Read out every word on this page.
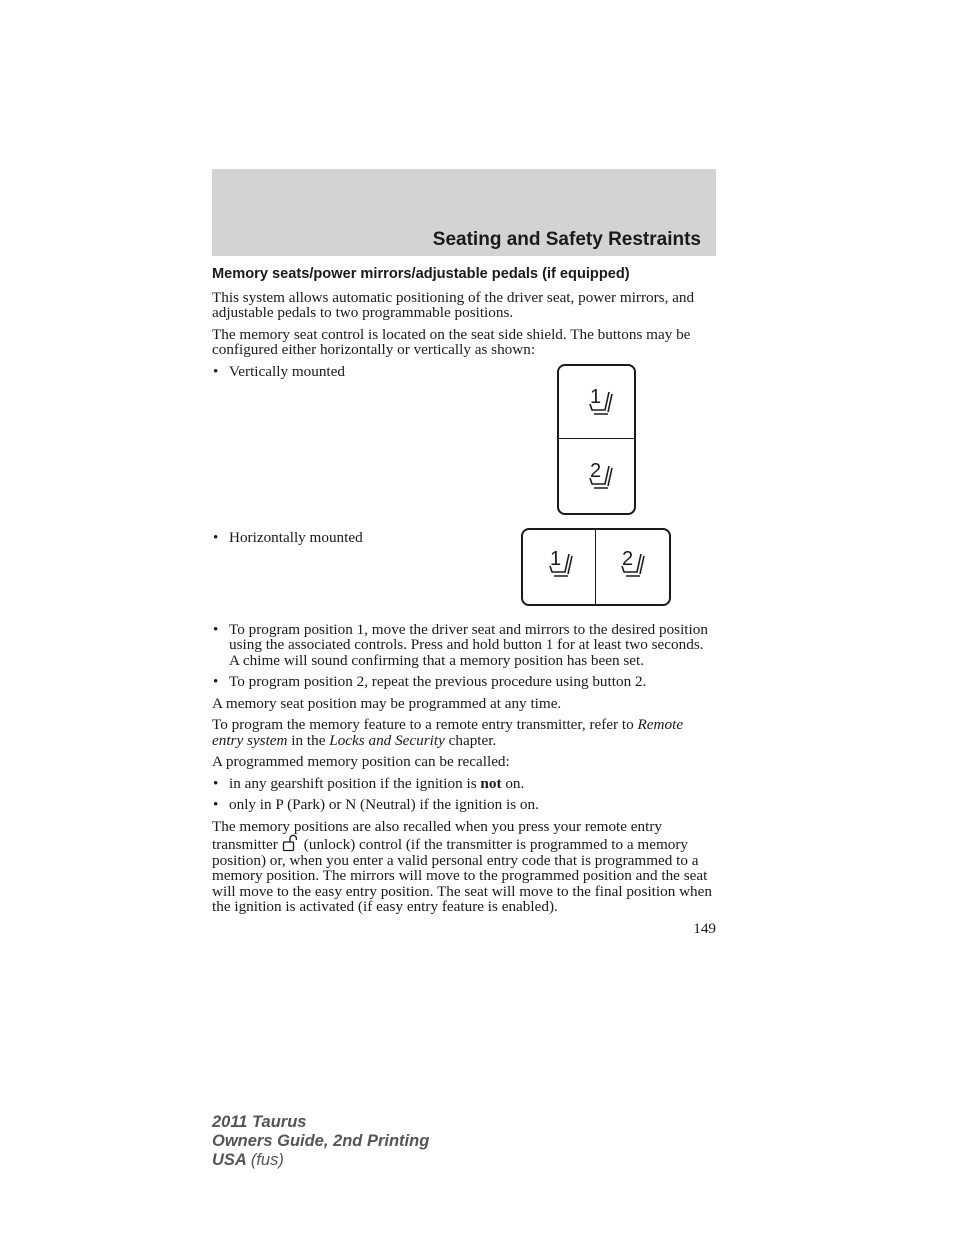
Seating and Safety Restraints
Memory seats/power mirrors/adjustable pedals (if equipped)

This system allows automatic positioning of the driver seat, power mirrors, and adjustable pedals to two programmable positions.

The memory seat control is located on the seat side shield. The buttons may be configured either horizontally or vertically as shown:

• Vertically mounted
1
2
• Horizontally mounted
1	2
• To program position 1, move the driver seat and mirrors to the desired position using the associated controls. Press and hold button 1 for at least two seconds. A chime will sound confirming that a memory position has been set.
• To program position 2, repeat the previous procedure using button 2.

A memory seat position may be programmed at any time.

To program the memory feature to a remote entry transmitter, refer to Remote entry system in the Locks and Security chapter.

A programmed memory position can be recalled:

• in any gearshift position if the ignition is not on.
• only in P (Park) or N (Neutral) if the ignition is on.

The memory positions are also recalled when you press your remote entry transmitter (unlock) control (if the transmitter is programmed to a memory position) or, when you enter a valid personal entry code that is programmed to a memory position. The mirrors will move to the programmed position and the seat will move to the easy entry position. The seat will move to the final position when the ignition is activated (if easy entry feature is enabled).

149
2011 Taurus
Owners Guide, 2nd Printing
USA (fus)
